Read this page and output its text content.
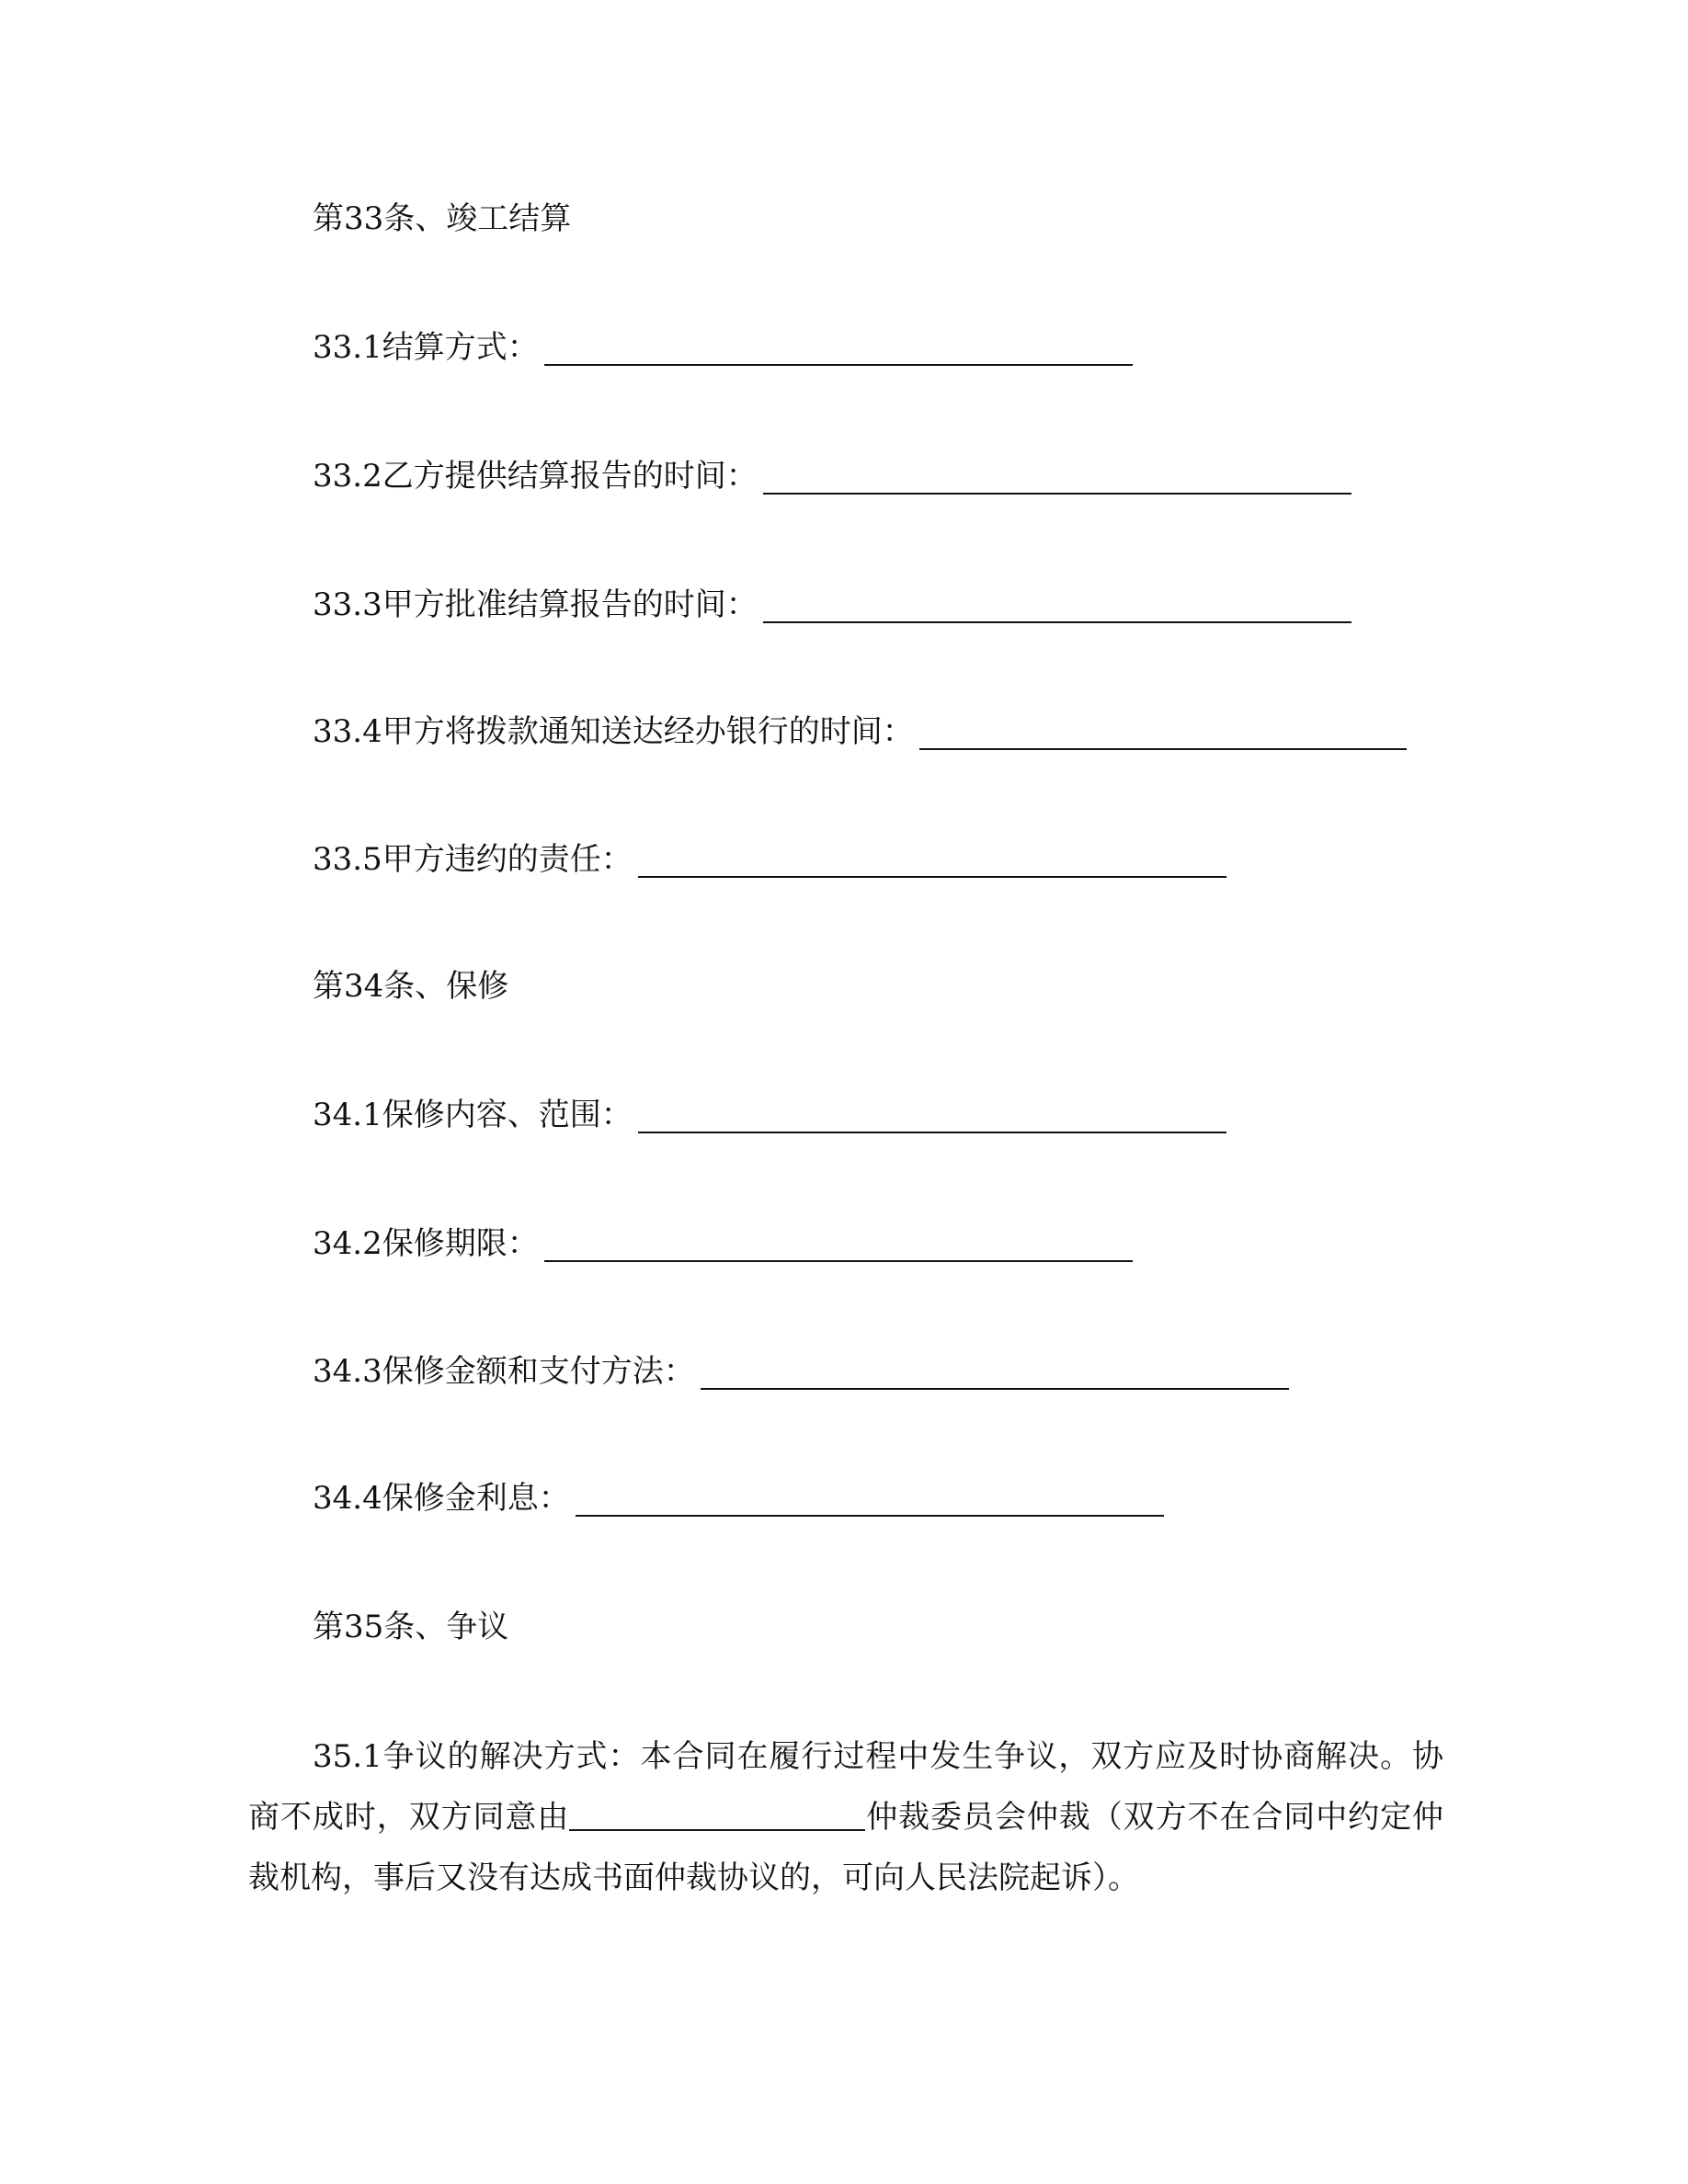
第33条、竣工结算
33.1结算方式：
33.2乙方提供结算报告的时间：
33.3甲方批准结算报告的时间：
33.4甲方将拨款通知送达经办银行的时间：
33.5甲方违约的责任：
第34条、保修
34.1保修内容、范围：
34.2保修期限：
34.3保修金额和支付方法：
34.4保修金利息：
第35条、争议
35.1争议的解决方式：本合同在履行过程中发生争议，双方应及时协商解决。协商不成时，双方同意由	仲裁委员会仲裁（双方不在合同中约定仲裁机构，事后又没有达成书面仲裁协议的，可向人民法院起诉）。
